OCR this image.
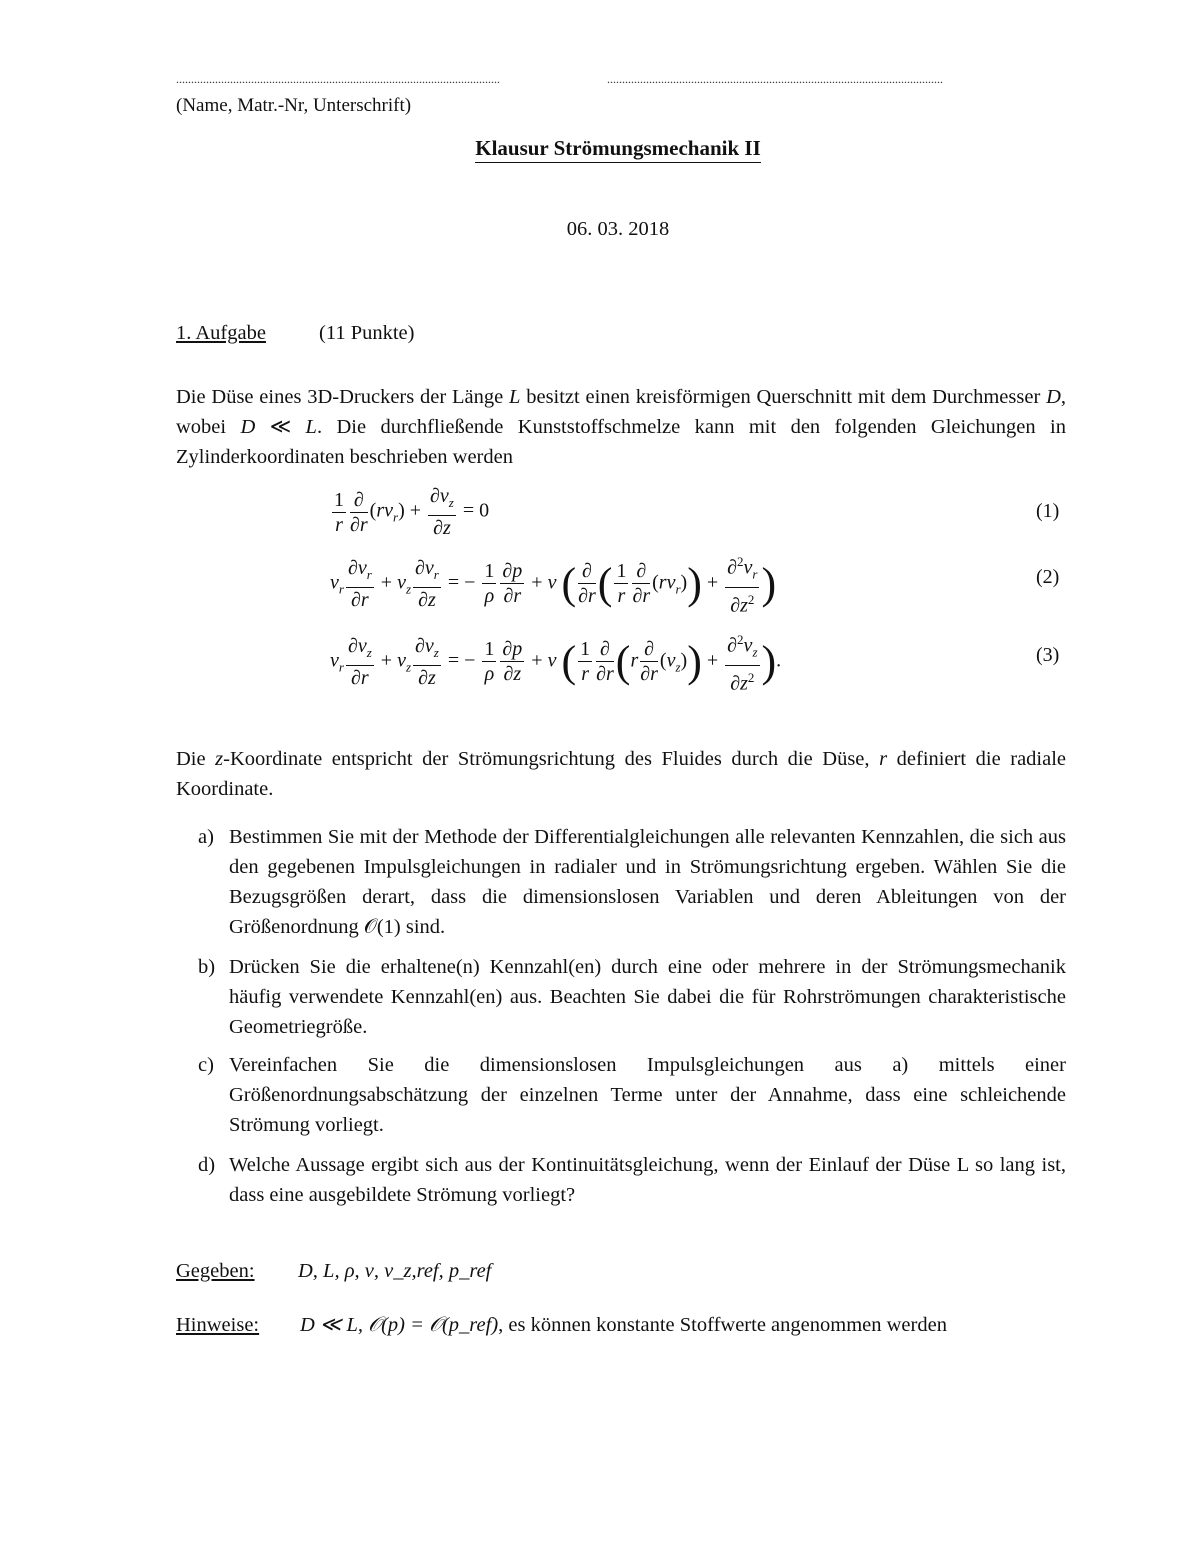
............................................................................................................	................................................................................................................
(Name, Matr.-Nr, Unterschrift)
Klausur Strömungsmechanik II
06. 03. 2018
1. Aufgabe	(11 Punkte)
Die Düse eines 3D-Druckers der Länge L besitzt einen kreisförmigen Querschnitt mit dem Durchmesser D, wobei D ≪ L. Die durchfließende Kunststoffschmelze kann mit den folgenden Gleichungen in Zylinderkoordinaten beschrieben werden
$\frac{1}{r} \frac{\partial}{\partial r} (rv_r) + \frac{\partial v_z}{\partial z} = 0$	(1)
$v_r \frac{\partial v_r}{\partial r} + v_z \frac{\partial v_r}{\partial z}$ = − $\frac{1}{\rho} \frac{\partial p}{\partial r} + \nu$ ( $\frac{\partial}{\partial r}$ ( $\frac{1}{r} \frac{\partial}{\partial r} (rv_r)) + \frac{\partial^2v_r}{\partial z^2}$ )	(2)
$v_r \frac{\partial v_z}{\partial r} + v_z \frac{\partial v_z}{\partial z}$ = − $\frac{1}{\rho} \frac{\partial p}{\partial z} + \nu$ ( $\frac{1}{r} \frac{\partial}{\partial r} (r \frac{\partial}{\partial r} (v_z)) + \frac{\partial^2v_z}{\partial z^2}$ ).	(3)
Die z-Koordinate entspricht der Strömungsrichtung des Fluides durch die Düse, r definiert die radiale Koordinate.
a) Bestimmen Sie mit der Methode der Differentialgleichungen alle relevanten Kennzahlen, die sich aus den gegebenen Impulsgleichungen in radialer und in Strömungsrichtung ergeben. Wählen Sie die Bezugsgrößen derart, dass die dimensionslosen Variablen und deren Ableitungen von der Größenordnung 𝒪(1) sind.
b) Drücken Sie die erhaltene(n) Kennzahl(en) durch eine oder mehrere in der Strömungsmechanik häufig verwendete Kennzahl(en) aus. Beachten Sie dabei die für Rohrströmungen charakteristische Geometriegröße.
c) Vereinfachen Sie die dimensionslosen Impulsgleichungen aus a) mittels einer Größenordnungsabschätzung der einzelnen Terme unter der Annahme, dass eine schleichende Strömung vorliegt.
d) Welche Aussage ergibt sich aus der Kontinuitätsgleichung, wenn der Einlauf der Düse L so lang ist, dass eine ausgebildete Strömung vorliegt?
Gegeben: D, L, ρ, ν, v_z,ref, p_ref
Hinweise: D ≪ L, 𝒪(p) = 𝒪(p_ref), es können konstante Stoffwerte angenommen werden
